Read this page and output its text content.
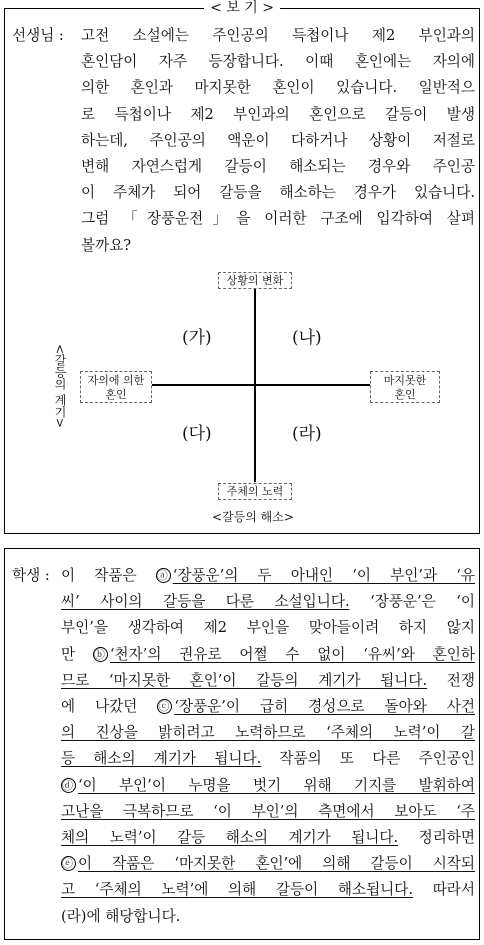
< 보 기 >
선생님 : 고전 소설에는 주인공의 득첩이나 제2 부인과의
혼인담이 자주 등장합니다. 이때 혼인에는 자의에
의한 혼인과 마지못한 혼인이 있습니다. 일반적으
로 득첩이나 제2 부인과의 혼인으로 갈등이 발생
하는데, 주인공의 액운이 다하거나 상황이 저절로
변해 자연스럽게 갈등이 해소되는 경우와 주인공
이 주체가 되어 갈등을 해소하는 경우가 있습니다.
그럼 「장풍운전」을 이러한 구조에 입각하여 살펴
볼까요?
상황의 변화
주체의 노력
자의에 의한
혼인
마지못한
혼인
(가)	(나)
(다)	(라)
<갈등의 계기>
<갈등의 해소>
학생 : 이 작품은 ⓐ ‘장풍운’의 두 아내인 ‘이 부인’과 ‘유
씨’ 사이의 갈등을 다룬 소설입니다. ‘장풍운’은 ‘이
부인’을 생각하여 제2 부인을 맞아들이려 하지 않지
만 ⓑ ‘천자’의 권유로 어쩔 수 없이 ‘유씨’와 혼인하
므로 ‘마지못한 혼인’이 갈등의 계기가 됩니다. 전쟁
에 나갔던 ⓒ ‘장풍운’이 급히 경성으로 돌아와 사건
의 진상을 밝히려고 노력하므로 ‘주체의 노력’이 갈
등 해소의 계기가 됩니다. 작품의 또 다른 주인공인
ⓓ ‘이 부인’이 누명을 벗기 위해 기지를 발휘하여
고난을 극복하므로 ‘이 부인’의 측면에서 보아도 ‘주
체의 노력’이 갈등 해소의 계기가 됩니다. 정리하면
ⓔ 이 작품은 ‘마지못한 혼인’에 의해 갈등이 시작되
고 ‘주체의 노력’에 의해 갈등이 해소됩니다. 따라서
(라)에 해당합니다.
